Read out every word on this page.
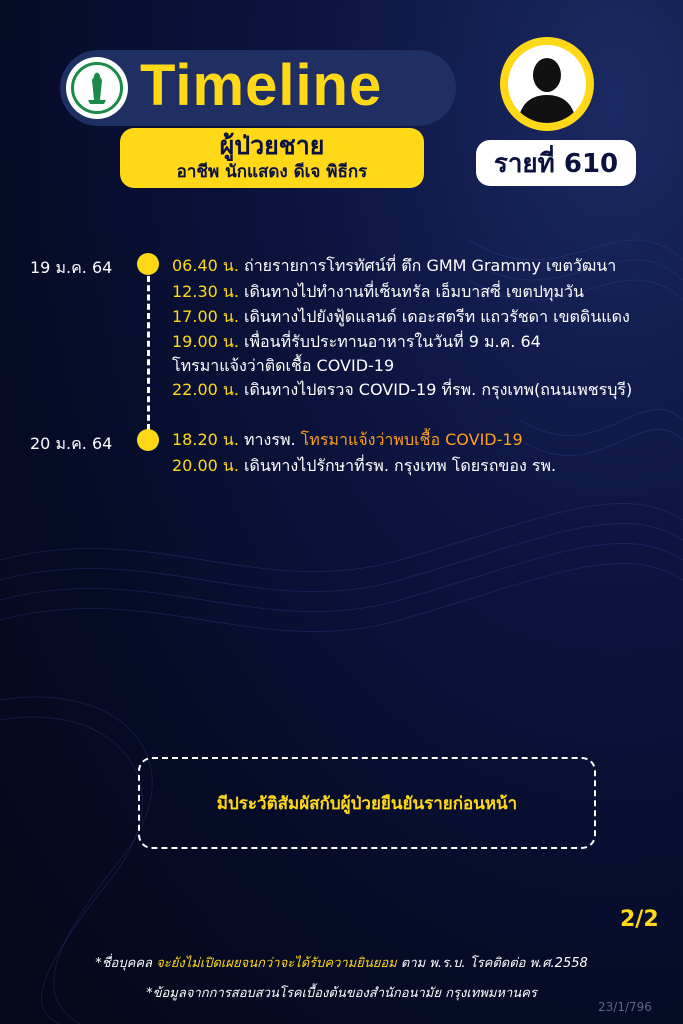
Timeline
ผู้ป่วยชาย
อาชีพ นักแสดง ดีเจ พิธีกร	รายที่ 610
19 ม.ค. 64	06.40 น. ถ่ายรายการโทรทัศน์ที่ ตึก GMM Grammy เขตวัฒนา
12.30 น. เดินทางไปทำงานที่เซ็นทรัล เอ็มบาสซี่ เขตปทุมวัน
17.00 น. เดินทางไปยังฟู้ดแลนด์ เดอะสตรีท แถวรัชดา เขตดินแดง
19.00 น. เพื่อนที่รับประทานอาหารในวันที่ 9 ม.ค. 64
โทรมาแจ้งว่าติดเชื้อ COVID-19
22.00 น. เดินทางไปตรวจ COVID-19 ที่รพ. กรุงเทพ(ถนนเพชรบุรี)
20 ม.ค. 64	18.20 น. ทางรพ. โทรมาแจ้งว่าพบเชื้อ COVID-19
20.00 น. เดินทางไปรักษาที่รพ. กรุงเทพ โดยรถของ รพ.
มีประวัติสัมผัสกับผู้ป่วยยืนยันรายก่อนหน้า
2/2
*ชื่อบุคคล จะยังไม่เปิดเผยจนกว่าจะได้รับความยินยอม ตาม พ.ร.บ. โรคติดต่อ พ.ศ.2558
*ข้อมูลจากการสอบสวนโรคเบื้องต้นของสำนักอนามัย กรุงเทพมหานคร
23/1/796
